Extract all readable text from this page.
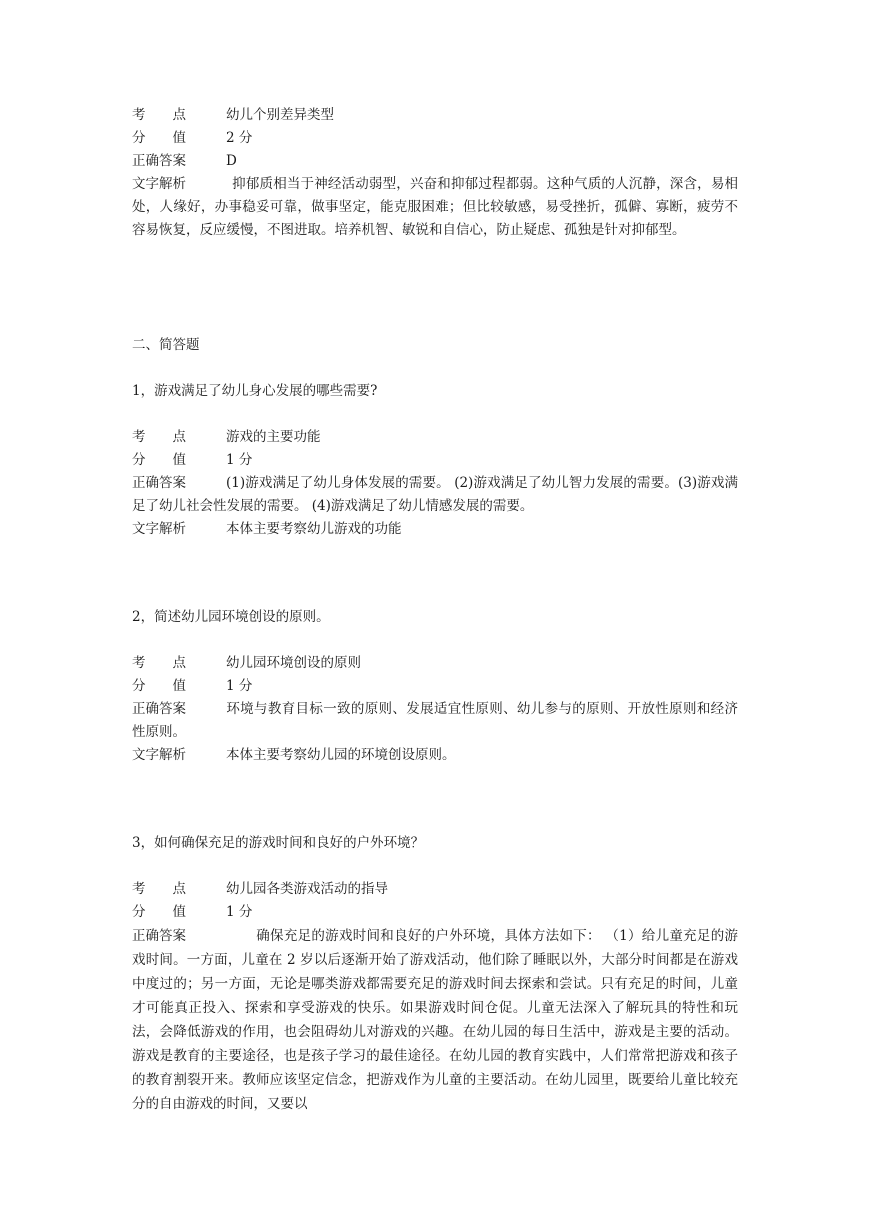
考　　点	幼儿个别差异类型
分　　值	2 分
正确答案	D
文字解析	抑郁质相当于神经活动弱型，兴奋和抑郁过程都弱。这种气质的人沉静，深含，易相处，人缘好，办事稳妥可靠，做事坚定，能克服困难；但比较敏感，易受挫折，孤僻、寡断，疲劳不容易恢复，反应缓慢，不图进取。培养机智、敏锐和自信心，防止疑虑、孤独是针对抑郁型。
二、简答题
1，游戏满足了幼儿身心发展的哪些需要?
考　　点	游戏的主要功能
分　　值	1 分
正确答案	(1)游戏满足了幼儿身体发展的需要。 (2)游戏满足了幼儿智力发展的需要。(3)游戏满足了幼儿社会性发展的需要。 (4)游戏满足了幼儿情感发展的需要。
文字解析	本体主要考察幼儿游戏的功能
2，简述幼儿园环境创设的原则。
考　　点	幼儿园环境创设的原则
分　　值	1 分
正确答案	环境与教育目标一致的原则、发展适宜性原则、幼儿参与的原则、开放性原则和经济性原则。
文字解析	本体主要考察幼儿园的环境创设原则。
3，如何确保充足的游戏时间和良好的户外环境？
考　　点	幼儿园各类游戏活动的指导
分　　值	1 分
正确答案	确保充足的游戏时间和良好的户外环境，具体方法如下： （1）给儿童充足的游戏时间。一方面，儿童在 2 岁以后逐渐开始了游戏活动，他们除了睡眠以外，大部分时间都是在游戏中度过的；另一方面，无论是哪类游戏都需要充足的游戏时间去探索和尝试。只有充足的时间，儿童才可能真正投入、探索和享受游戏的快乐。如果游戏时间仓促。儿童无法深入了解玩具的特性和玩法，会降低游戏的作用，也会阻碍幼儿对游戏的兴趣。在幼儿园的每日生活中，游戏是主要的活动。游戏是教育的主要途径，也是孩子学习的最佳途径。在幼儿园的教育实践中，人们常常把游戏和孩子的教育割裂开来。教师应该坚定信念，把游戏作为儿童的主要活动。在幼儿园里，既要给儿童比较充分的自由游戏的时间，又要以
